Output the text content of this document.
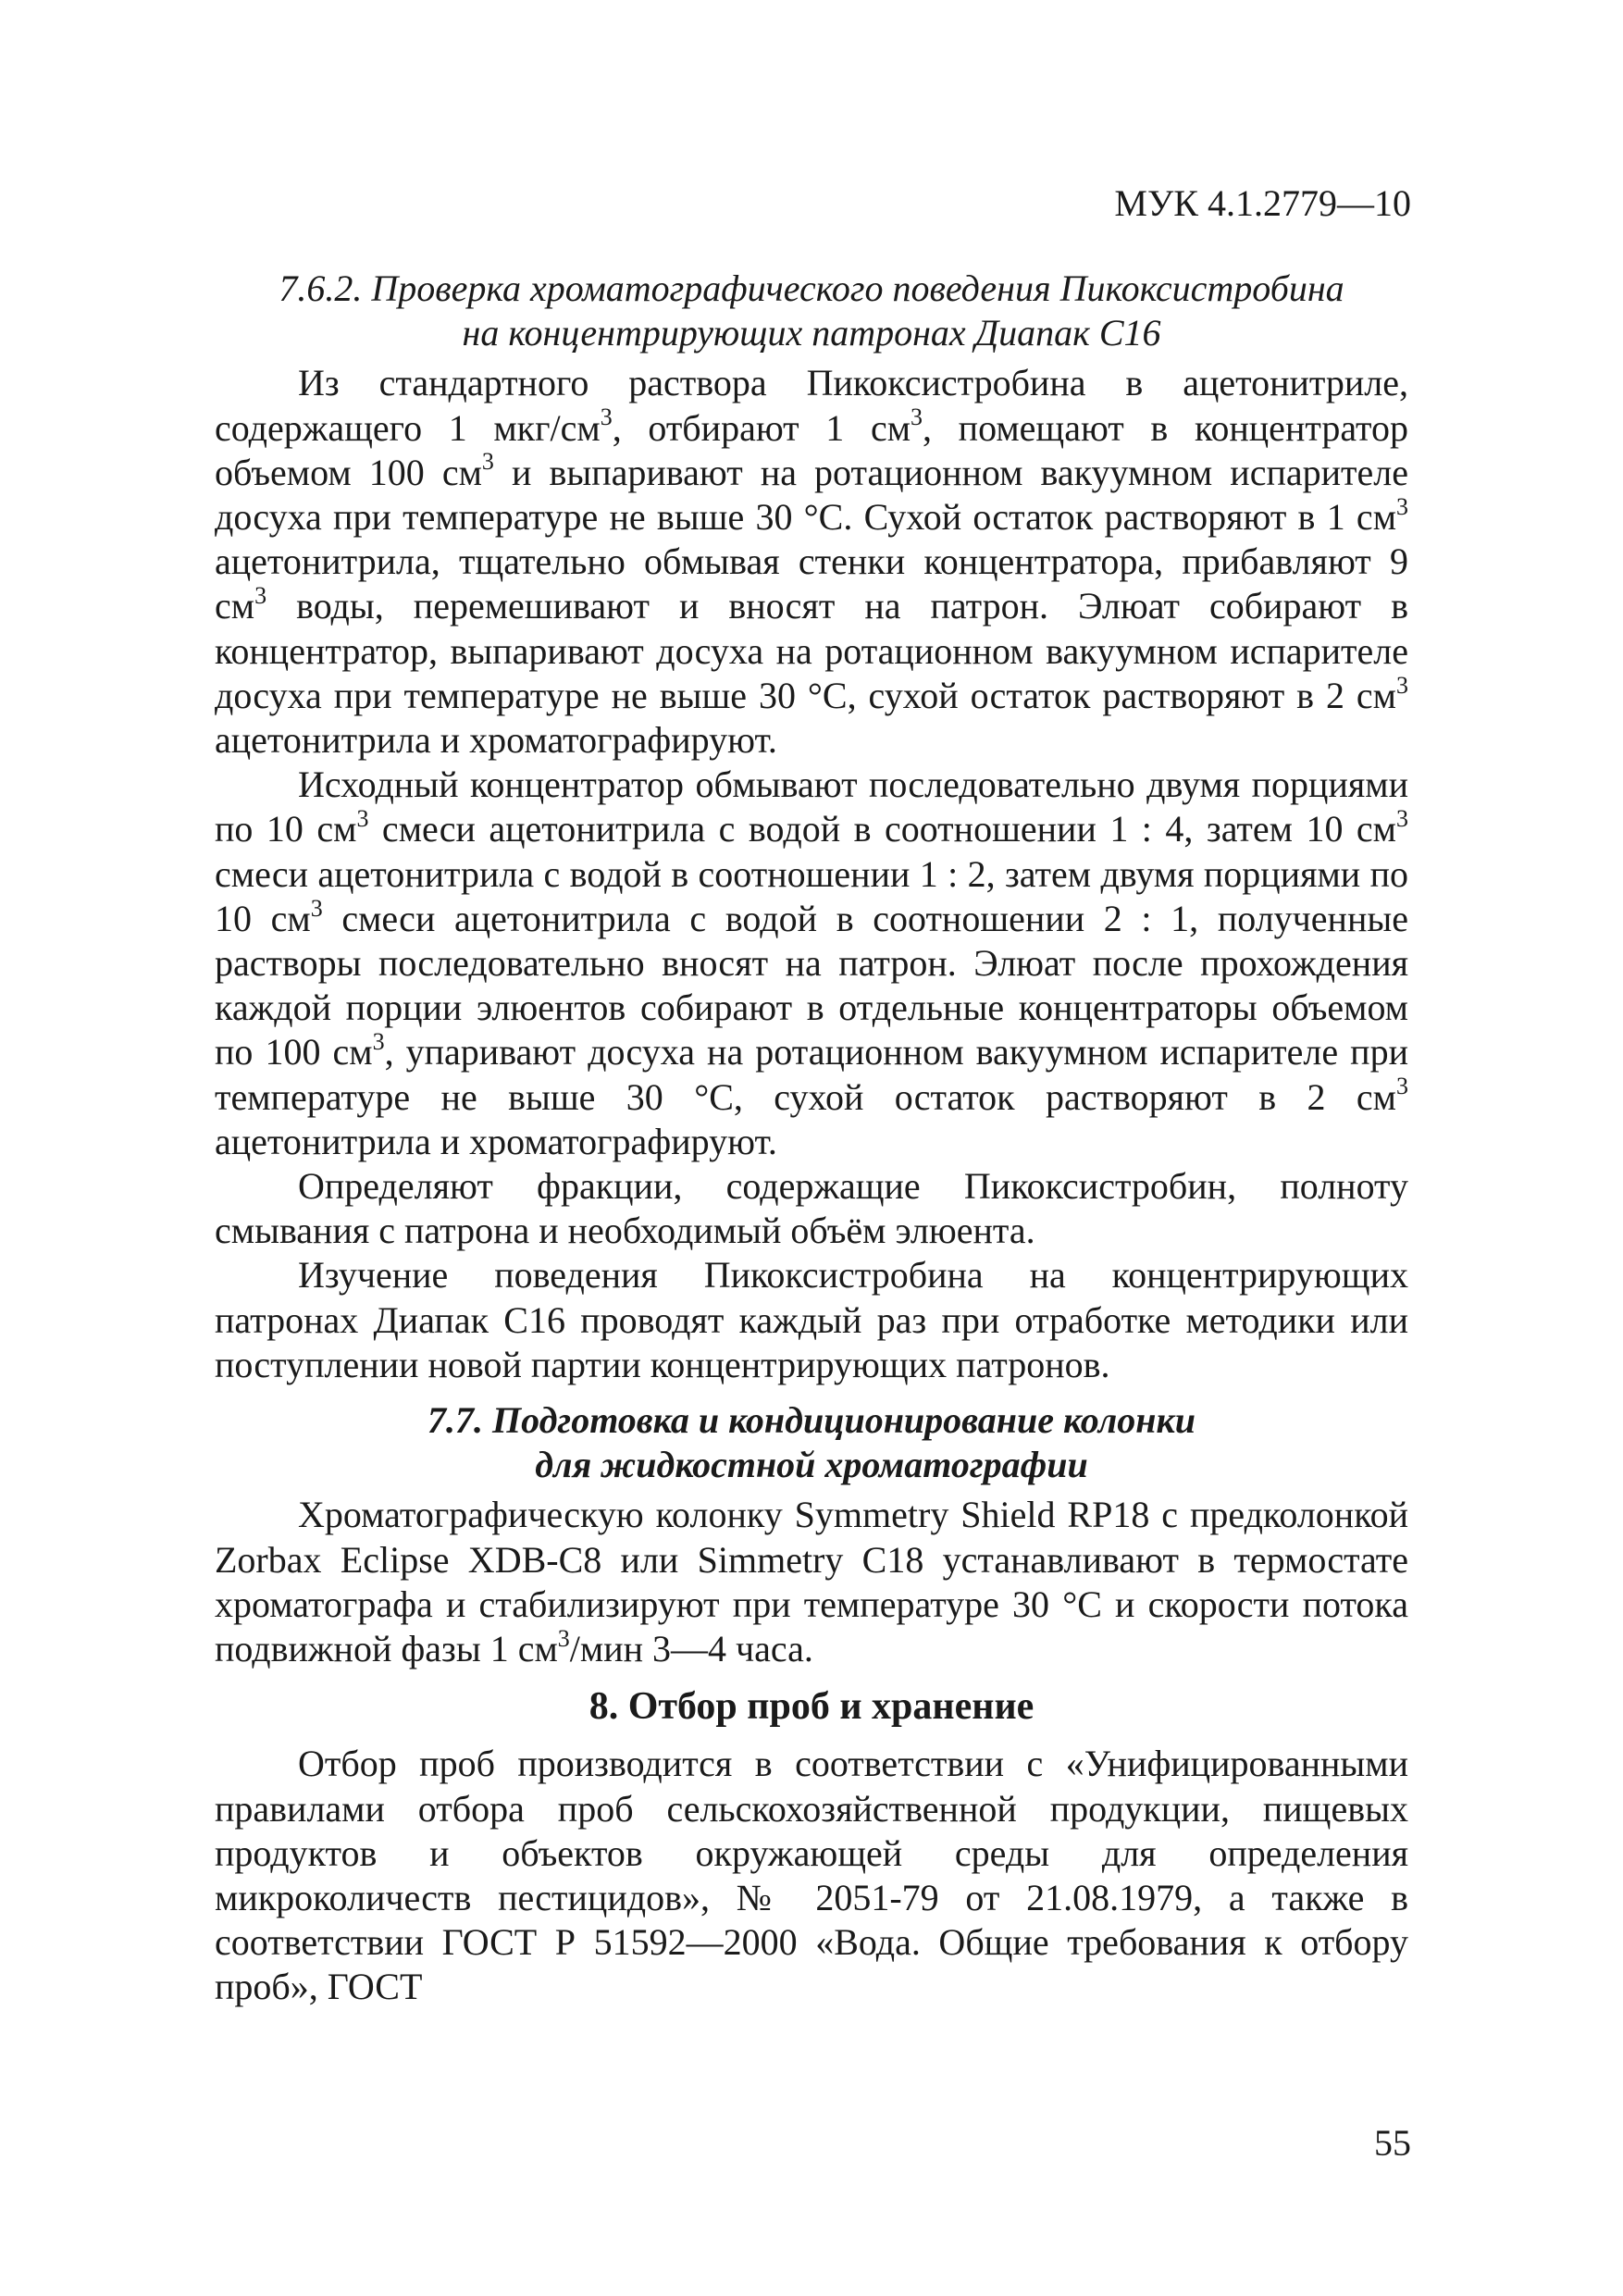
МУК 4.1.2779—10
7.6.2. Проверка хроматографического поведения Пикоксистробина
на концентрирующих патронах Диапак С16

Из стандартного раствора Пикоксистробина в ацетонитриле, содержащего 1 мкг/$см^3$, отбирают 1 $см^3$, помещают в концентратор объемом 100 $см^3$ и выпаривают на ротационном вакуумном испарителе досуха при температуре не выше 30 °С. Сухой остаток растворяют в 1 $см^3$ ацетонитрила, тщательно обмывая стенки концентратора, прибавляют 9 $см^3$ воды, перемешивают и вносят на патрон. Элюат собирают в концентратор, выпаривают досуха на ротационном вакуумном испарителе досуха при температуре не выше 30 °С, сухой остаток растворяют в 2 $см^3$ ацетонитрила и хроматографируют.

Исходный концентратор обмывают последовательно двумя порциями по 10 $см^3$ смеси ацетонитрила с водой в соотношении 1 : 4, затем 10 $см^3$ смеси ацетонитрила с водой в соотношении 1 : 2, затем двумя порциями по 10 $см^3$ смеси ацетонитрила с водой в соотношении 2 : 1, полученные растворы последовательно вносят на патрон. Элюат после прохождения каждой порции элюентов собирают в отдельные концентраторы объемом по 100 $см^3$, упаривают досуха на ротационном вакуумном испарителе при температуре не выше 30 °С, сухой остаток растворяют в 2 $см^3$ ацетонитрила и хроматографируют.

Определяют фракции, содержащие Пикоксистробин, полноту смывания с патрона и необходимый объём элюента.

Изучение поведения Пикоксистробина на концентрирующих патронах Диапак С16 проводят каждый раз при отработке методики или поступлении новой партии концентрирующих патронов.

7.7. Подготовка и кондиционирование колонки
для жидкостной хроматографии

Хроматографическую колонку Symmetry Shield RP18 с предколонкой Zorbax Eclipse XDB-C8 или Simmetry C18 устанавливают в термостате хроматографа и стабилизируют при температуре 30 °С и скорости потока подвижной фазы 1 $см^3$/мин 3—4 часа.

8. Отбор проб и хранение

Отбор проб производится в соответствии с «Унифицированными правилами отбора проб сельскохозяйственной продукции, пищевых продуктов и объектов окружающей среды для определения микроколичеств пестицидов», № 2051-79 от 21.08.1979, а также в соответствии ГОСТ Р 51592—2000 «Вода. Общие требования к отбору проб», ГОСТ

55
